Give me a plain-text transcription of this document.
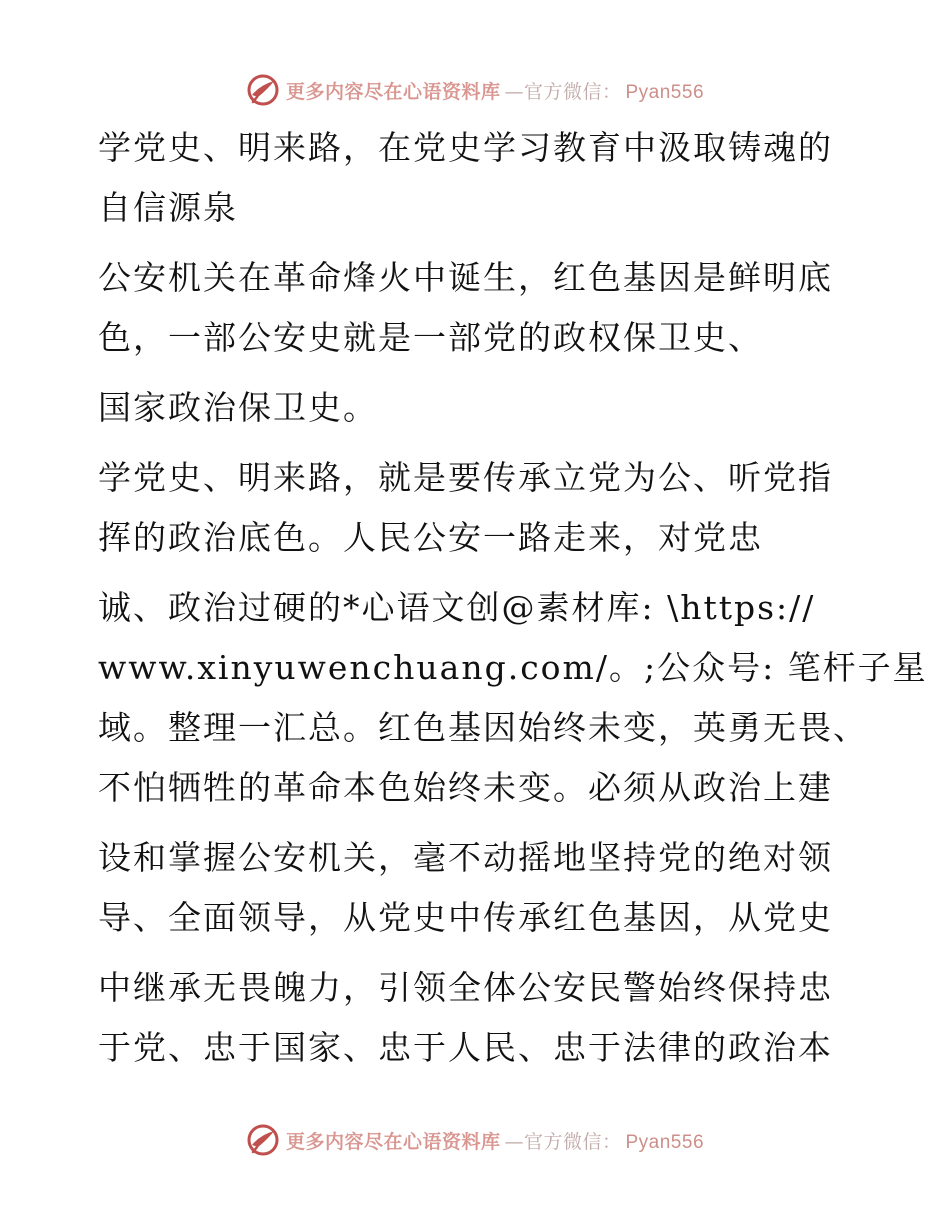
更多内容尽在心语资料库 —官方微信： Pyan556
学党史、明来路，在党史学习教育中汲取铸魂的
自信源泉
公安机关在革命烽火中诞生，红色基因是鲜明底
色，一部公安史就是一部党的政权保卫史、
国家政治保卫史。
学党史、明来路，就是要传承立党为公、听党指
挥的政治底色。人民公安一路走来，对党忠
诚、政治过硬的*心语文创@素材库: \https://
www.xinyuwenchuang.com/。;公众号: 笔杆子星
域。整理一汇总。红色基因始终未变，英勇无畏、
不怕牺牲的革命本色始终未变。必须从政治上建
设和掌握公安机关，毫不动摇地坚持党的绝对领
导、全面领导，从党史中传承红色基因，从党史
中继承无畏魄力，引领全体公安民警始终保持忠
于党、忠于国家、忠于人民、忠于法律的政治本
更多内容尽在心语资料库 —官方微信： Pyan556
